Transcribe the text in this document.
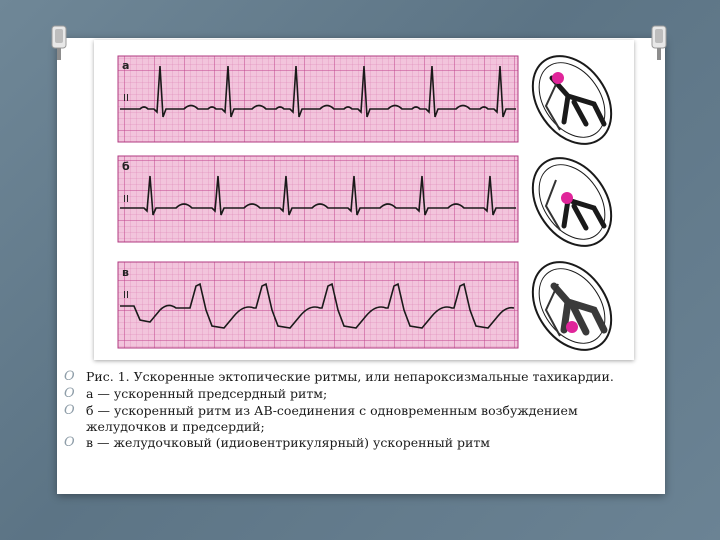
а
II
б
II
в
II
O Рис. 1. Ускоренные эктопические ритмы, или непароксизмальные тахикардии.
O а — ускоренный предсердный ритм;
O б — ускоренный ритм из АВ-соединения с одновременным возбуждением желудочков и предсердий;
O в — желудочковый (идиовентрикулярный) ускоренный ритм
